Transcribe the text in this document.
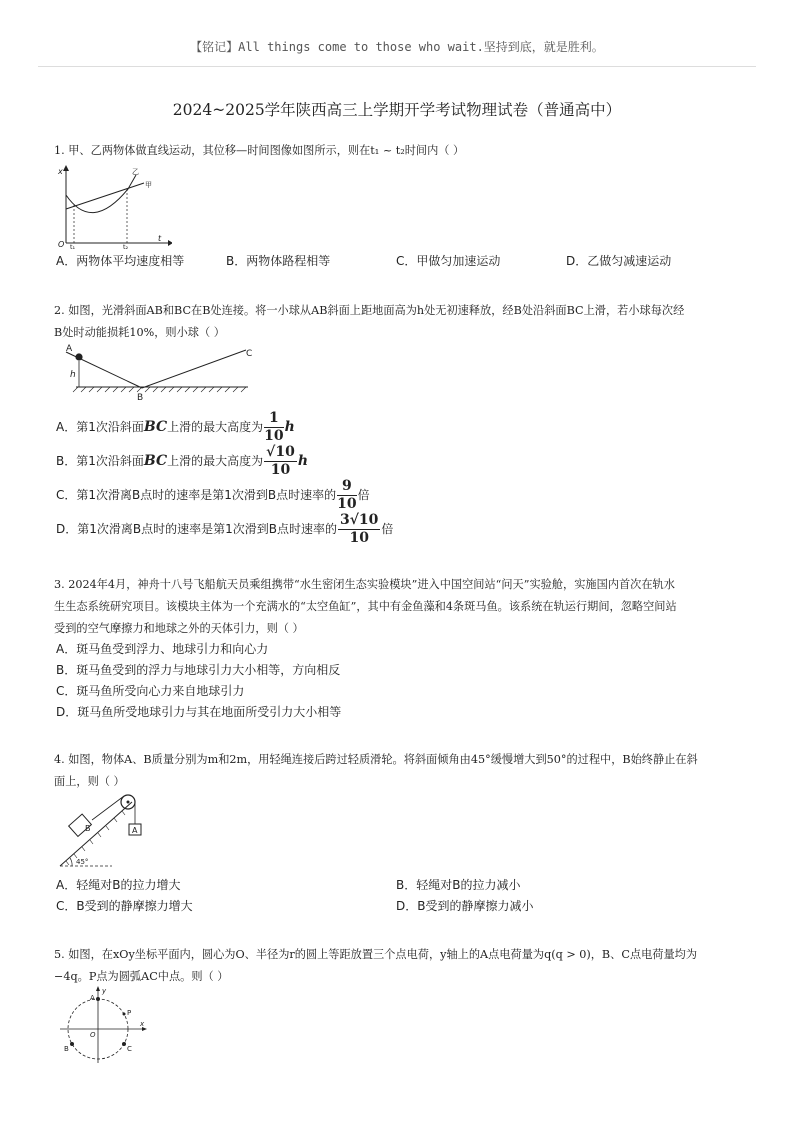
【铭记】All things come to those who wait.坚持到底，就是胜利。
2024~2025学年陕西高三上学期开学考试物理试卷（普通高中）
1. 甲、乙两物体做直线运动，其位移—时间图像如图所示，则在t₁ ~ t₂时间内（ ）
x
t
O t₁	t₂
乙
甲
A．两物体平均速度相等	B．两物体路程相等	C．甲做匀加速运动	D．乙做匀减速运动
2. 如图，光滑斜面AB和BC在B处连接。将一小球从AB斜面上距地面高为h处无初速释放，经B处沿斜面BC上滑，若小球每次经
B处时动能损耗10%，则小球（ ）
A
h
B
C
A．第1次沿斜面BC上滑的最大高度为 $\frac{1}{10}$ h
B．第1次沿斜面BC上滑的最大高度为 $\frac{√10}{10}$ h
C．第1次滑离B点时的速率是第1次滑到B点时速率的 $\frac{9}{10}$ 倍
D．第1次滑离B点时的速率是第1次滑到B点时速率的 $\frac{3√10}{10}$ 倍
3. 2024年4月，神舟十八号飞船航天员乘组携带“水生密闭生态实验模块”进入中国空间站“问天”实验舱，实施国内首次在轨水
生生态系统研究项目。该模块主体为一个充满水的“太空鱼缸”，其中有金鱼藻和4条斑马鱼。该系统在轨运行期间，忽略空间站
受到的空气摩擦力和地球之外的天体引力，则（ ）
A．斑马鱼受到浮力、地球引力和向心力
B．斑马鱼受到的浮力与地球引力大小相等，方向相反
C．斑马鱼所受向心力来自地球引力
D．斑马鱼所受地球引力与其在地面所受引力大小相等
4. 如图，物体A、B质量分别为m和2m，用轻绳连接后跨过轻质滑轮。将斜面倾角由45°缓慢增大到50°的过程中，B始终静止在斜
面上，则（ ）
B	A
45°
A．轻绳对B的拉力增大	B．轻绳对B的拉力减小
C．B受到的静摩擦力增大	D．B受到的静摩擦力减小
5. 如图，在xOy坐标平面内，圆心为O、半径为r的圆上等距放置三个点电荷，y轴上的A点电荷量为q(q > 0)，B、C点电荷量均为
−4q。P点为圆弧AC中点。则（ ）
y
x
A
P
O
B	C
